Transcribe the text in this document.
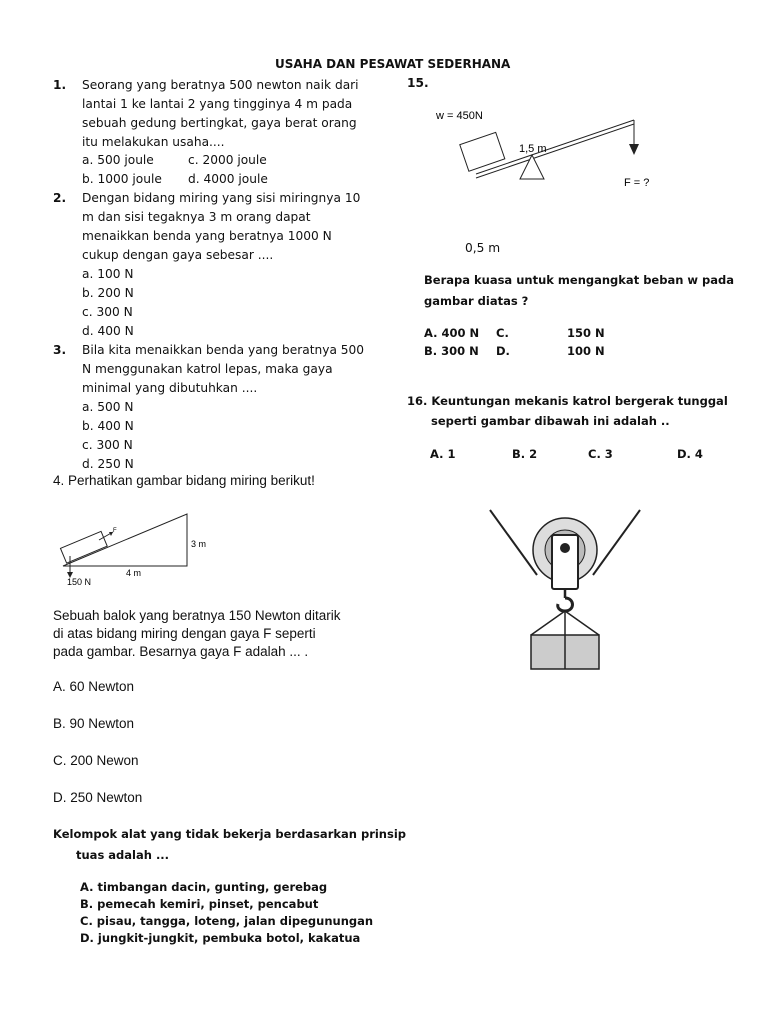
USAHA DAN PESAWAT SEDERHANA
1. Seorang yang beratnya 500 newton naik dari
lantai 1 ke lantai 2 yang tingginya 4 m pada
sebuah gedung bertingkat, gaya berat orang
itu melakukan usaha....
a. 500 joule	c. 2000 joule
b. 1000 joule d. 4000 joule
2. Dengan bidang miring yang sisi miringnya 10
m dan sisi tegaknya 3 m orang dapat
menaikkan benda yang beratnya 1000 N
cukup dengan gaya sebesar ....
a. 100 N
b. 200 N
c. 300 N
d. 400 N
3. Bila kita menaikkan benda yang beratnya 500
N menggunakan katrol lepas, maka gaya
minimal yang dibutuhkan ....
a. 500 N
b. 400 N
c. 300 N
d. 250 N
4. Perhatikan gambar bidang miring berikut!
F
3 m
150 N
4 m
Sebuah balok yang beratnya 150 Newton ditarik
di atas bidang miring dengan gaya F seperti
pada gambar. Besarnya gaya F adalah ... .
A. 60 Newton
B. 90 Newton
C. 200 Newon
D. 250 Newton
Kelompok alat yang tidak bekerja berdasarkan prinsip
tuas adalah ...
A. timbangan dacin, gunting, gerebag
B. pemecah kemiri, pinset, pencabut
C. pisau, tangga, loteng, jalan dipegunungan
D. jungkit-jungkit, pembuka botol, kakatua
15.
w = 450N
1,5 m
F = ?
0,5 m
Berapa kuasa untuk mengangkat beban w pada
gambar diatas ?
A. 400 N C.	150 N
B. 300 N D.	100 N
16. Keuntungan mekanis katrol bergerak tunggal
seperti gambar dibawah ini adalah ..
A. 1	B. 2	C. 3	D. 4
